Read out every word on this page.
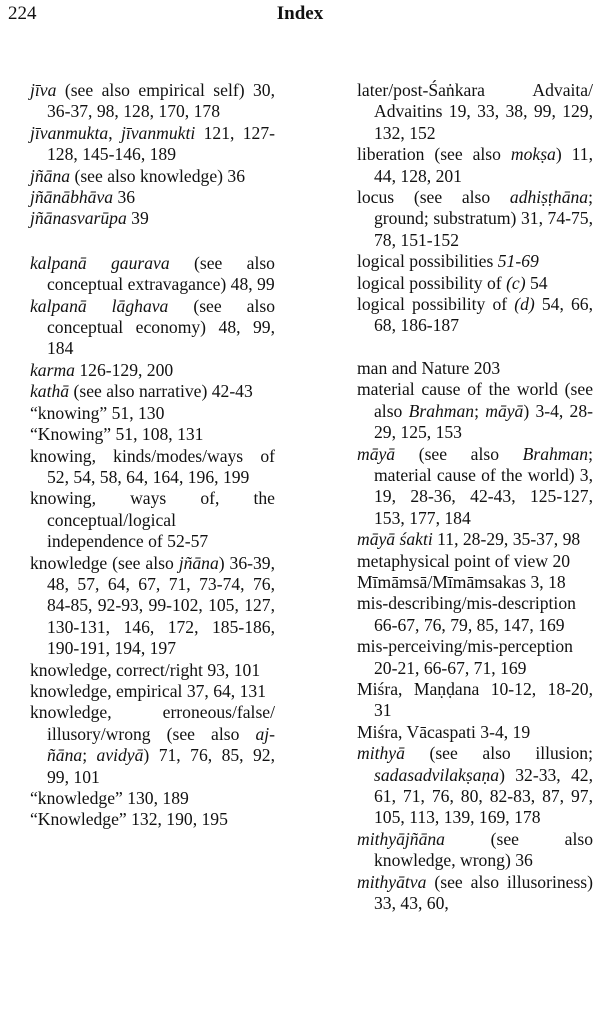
224	Index
jīva (see also empirical self) 30, 36-37, 98, 128, 170, 178
jīvanmukta, jīvanmukti 121, 127-128, 145-146, 189
jñāna (see also knowledge) 36
jñānābhāva 36
jñānasvarūpa 39
kalpanā gaurava (see also conceptual extravagance) 48, 99
kalpanā lāghava (see also conceptual economy) 48, 99, 184
karma 126-129, 200
kathā (see also narrative) 42-43
“knowing” 51, 130
“Knowing” 51, 108, 131
knowing, kinds/modes/ways of 52, 54, 58, 64, 164, 196, 199
knowing, ways of, the conceptual/logical independence of 52-57
knowledge (see also jñāna) 36-39, 48, 57, 64, 67, 71, 73-74, 76, 84-85, 92-93, 99-102, 105, 127, 130-131, 146, 172, 185-186, 190-191, 194, 197
knowledge, correct/right 93, 101
knowledge, empirical 37, 64, 131
knowledge, erroneous/false/ illusory/wrong (see also aj-ñāna; avidyā) 71, 76, 85, 92, 99, 101
“knowledge” 130, 189
“Knowledge” 132, 190, 195
later/post-Śaṅkara Advaita/ Advaitins 19, 33, 38, 99, 129, 132, 152
liberation (see also mokṣa) 11, 44, 128, 201
locus (see also adhiṣṭhāna; ground; substratum) 31, 74-75, 78, 151-152
logical possibilities 51-69
logical possibility of (c) 54
logical possibility of (d) 54, 66, 68, 186-187
man and Nature 203
material cause of the world (see also Brahman; māyā) 3-4, 28-29, 125, 153
māyā (see also Brahman; material cause of the world) 3, 19, 28-36, 42-43, 125-127, 153, 177, 184
māyā śakti 11, 28-29, 35-37, 98
metaphysical point of view 20
Mīmāmsā/Mīmāmsakas 3, 18
mis-describing/mis-description 66-67, 76, 79, 85, 147, 169
mis-perceiving/mis-perception 20-21, 66-67, 71, 169
Miśra, Maṇḍana 10-12, 18-20, 31
Miśra, Vācaspati 3-4, 19
mithyā (see also illusion; sadasadvilakṣaṇa) 32-33, 42, 61, 71, 76, 80, 82-83, 87, 97, 105, 113, 139, 169, 178
mithyājñāna (see also knowledge, wrong) 36
mithyātva (see also illusoriness) 33, 43, 60,
